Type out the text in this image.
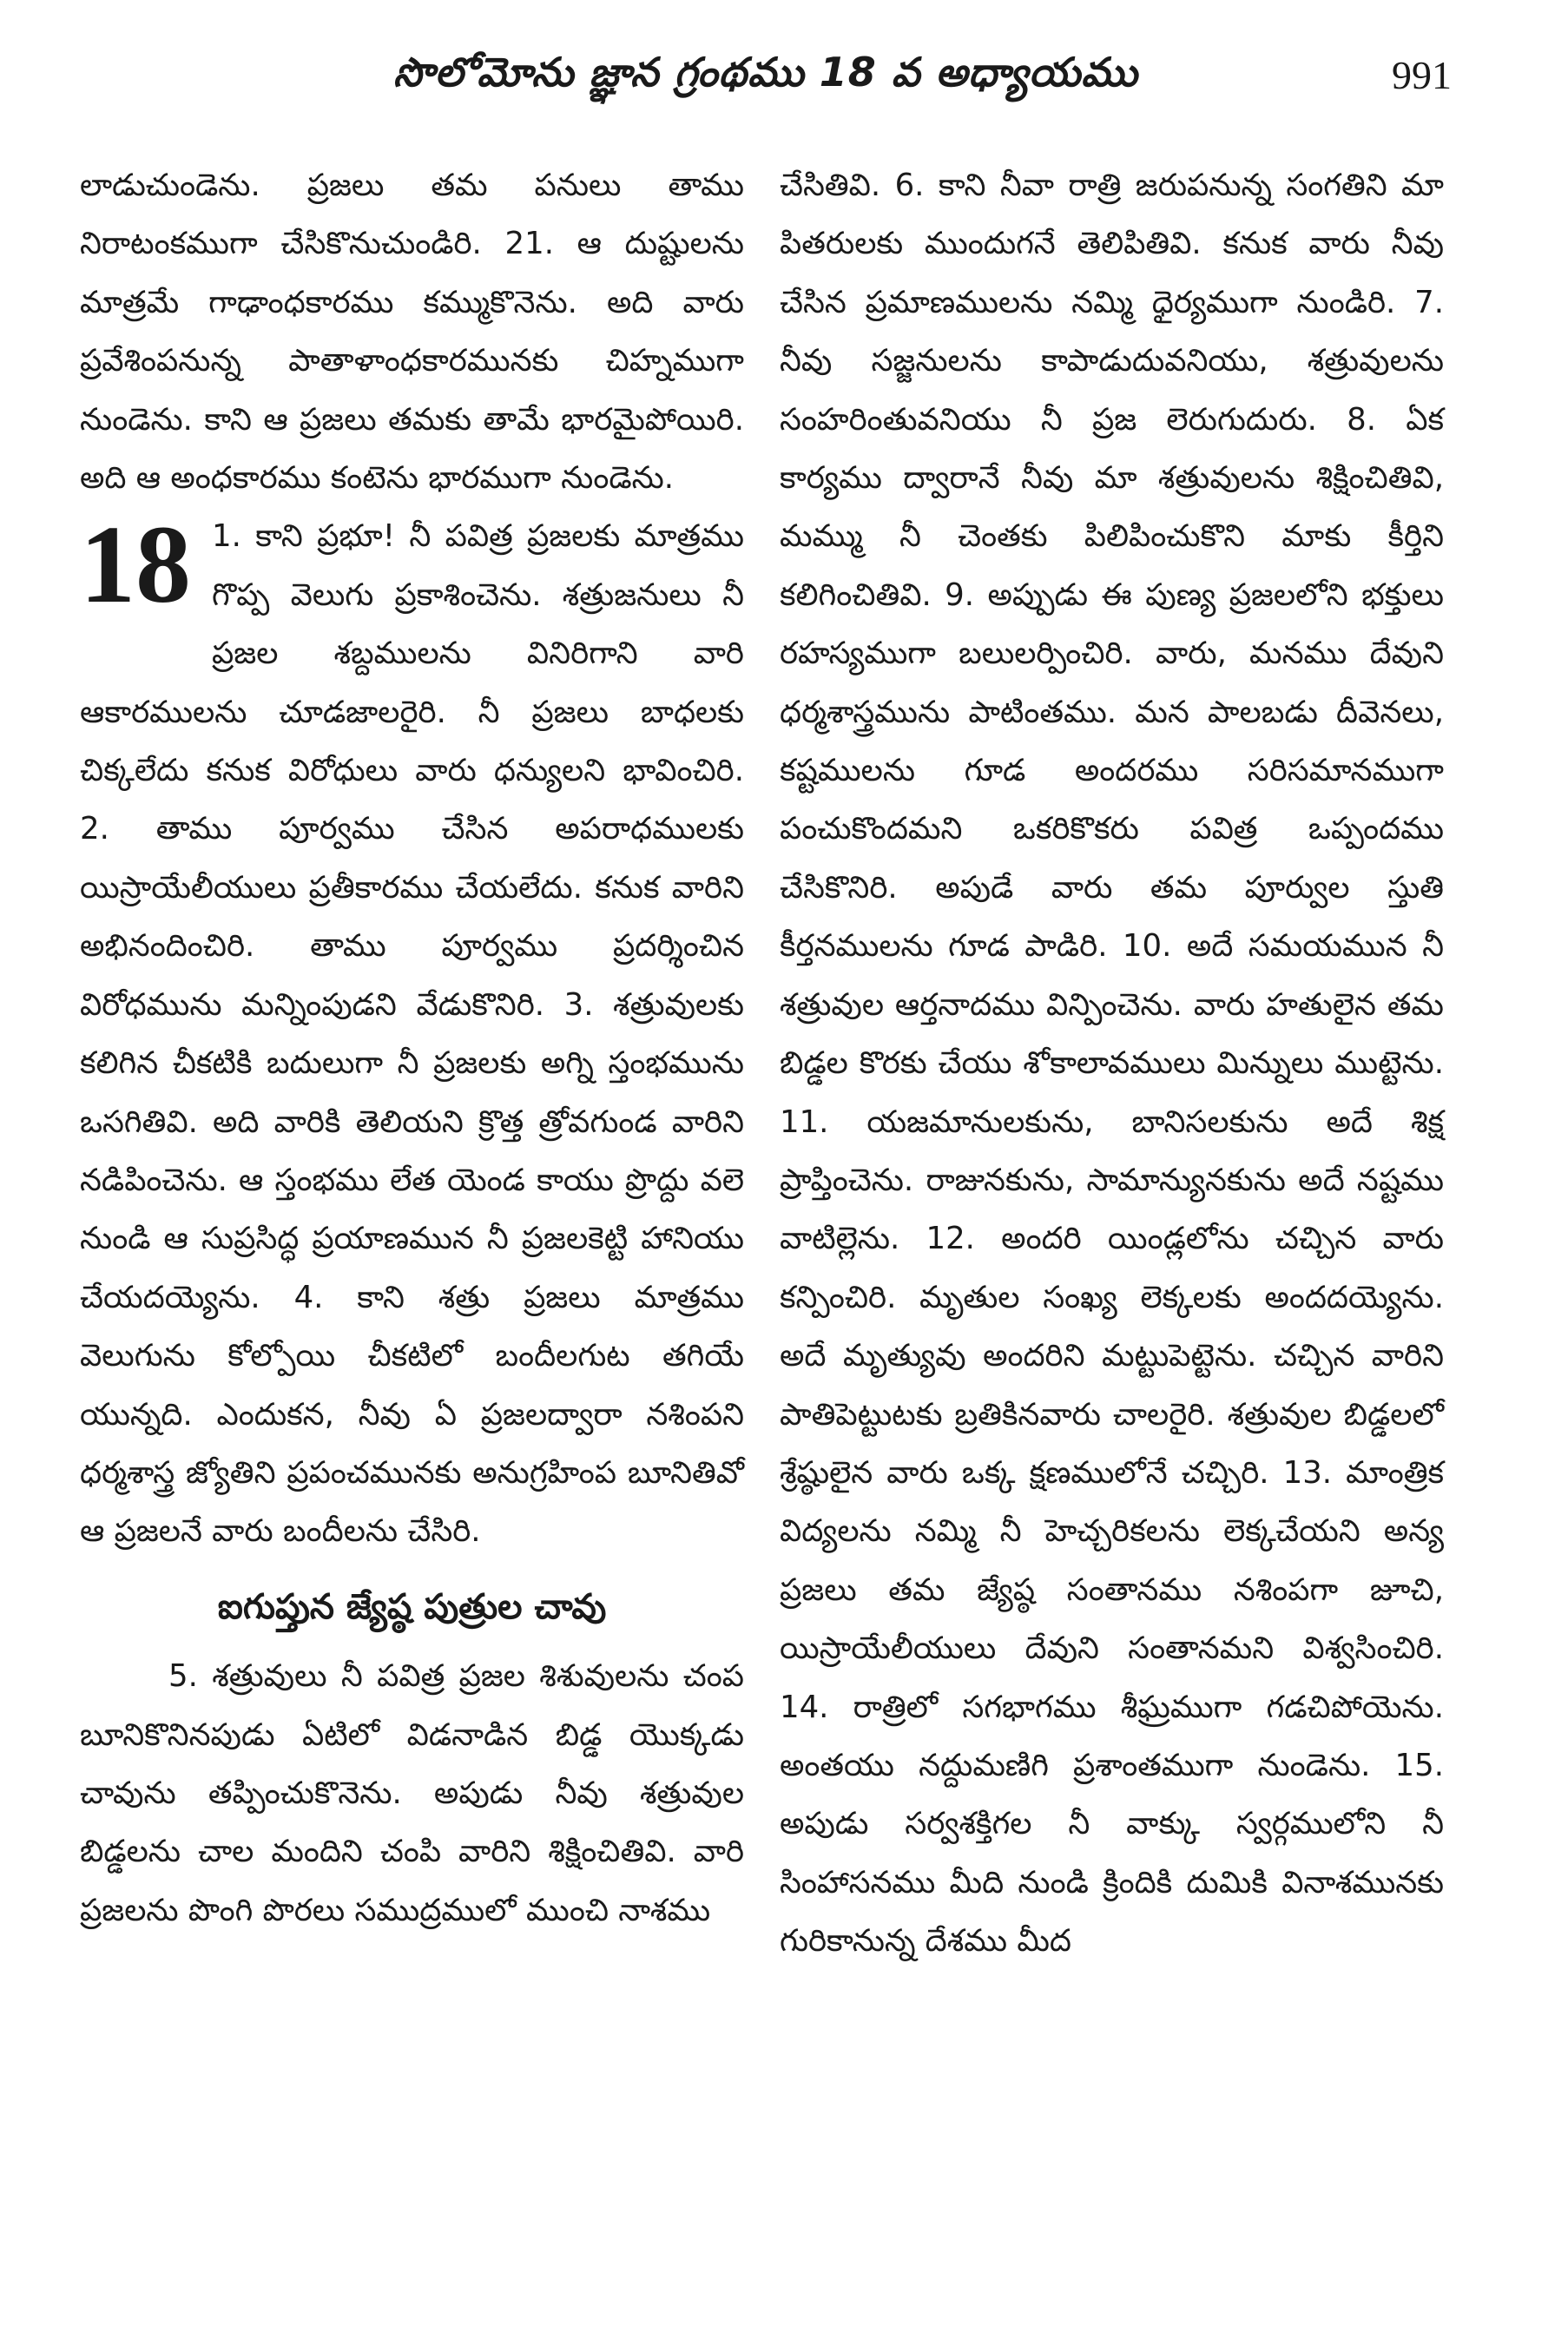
సొలోమోను జ్ఞాన గ్రంథము 18 వ అధ్యాయము	991

లాడుచుండెను. ప్రజలు తమ పనులు తాము నిరాటంకముగా చేసికొనుచుండిరి. 21. ఆ దుష్టులను మాత్రమే గాఢాంధకారము కమ్ముకొనెను. అది వారు ప్రవేశింపనున్న పాతాళాంధకారమునకు చిహ్నముగా నుండెను. కాని ఆ ప్రజలు తమకు తామే భారమైపోయిరి. అది ఆ అంధకారము కంటెను భారముగా నుండెను.

18 1. కాని ప్రభూ! నీ పవిత్ర ప్రజలకు మాత్రము గొప్ప వెలుగు ప్రకాశించెను. శత్రుజనులు నీ ప్రజల శబ్దములను వినిరిగాని వారి ఆకారములను చూడజాలరైరి. నీ ప్రజలు బాధలకు చిక్కలేదు కనుక విరోధులు వారు ధన్యులని భావించిరి. 2. తాము పూర్వము చేసిన అపరాధములకు యిస్రాయేలీయులు ప్రతీకారము చేయలేదు. కనుక వారిని అభినందించిరి. తాము పూర్వము ప్రదర్శించిన విరోధమును మన్నింపుడని వేడుకొనిరి. 3. శత్రువులకు కలిగిన చీకటికి బదులుగా నీ ప్రజలకు అగ్ని స్తంభమును ఒసగితివి. అది వారికి తెలియని క్రొత్త త్రోవగుండ వారిని నడిపించెను. ఆ స్తంభము లేత యెండ కాయు ప్రొద్దు వలె నుండి ఆ సుప్రసిద్ధ ప్రయాణమున నీ ప్రజలకెట్టి హానియు చేయదయ్యెను. 4. కాని శత్రు ప్రజలు మాత్రము వెలుగును కోల్పోయి చీకటిలో బందీలగుట తగియే యున్నది. ఎందుకన, నీవు ఏ ప్రజలద్వారా నశింపని ధర్మశాస్త్ర జ్యోతిని ప్రపంచమునకు అనుగ్రహింప బూనితివో ఆ ప్రజలనే వారు బందీలను చేసిరి.

ఐగుప్తున జ్యేష్ఠ పుత్రుల చావు

5. శత్రువులు నీ పవిత్ర ప్రజల శిశువులను చంప బూనికొనినపుడు ఏటిలో విడనాడిన బిడ్డ యొక్కడు చావును తప్పించుకొనెను. అపుడు నీవు శత్రువుల బిడ్డలను చాల మందిని చంపి వారిని శిక్షించితివి. వారి ప్రజలను పొంగి పొరలు సముద్రములో ముంచి నాశము

చేసితివి. 6. కాని నీవా రాత్రి జరుపనున్న సంగతిని మా పితరులకు ముందుగనే తెలిపితివి. కనుక వారు నీవు చేసిన ప్రమాణములను నమ్మి ధైర్యముగా నుండిరి. 7. నీవు సజ్జనులను కాపాడుదువనియు, శత్రువులను సంహరింతువనియు నీ ప్రజ లెరుగుదురు. 8. ఏక కార్యము ద్వారానే నీవు మా శత్రువులను శిక్షించితివి, మమ్ము నీ చెంతకు పిలిపించుకొని మాకు కీర్తిని కలిగించితివి. 9. అప్పుడు ఈ పుణ్య ప్రజలలోని భక్తులు రహస్యముగా బలులర్పించిరి. వారు, మనము దేవుని ధర్మశాస్త్రమును పాటింతము. మన పాలబడు దీవెనలు, కష్టములను గూడ అందరము సరిసమానముగా పంచుకొందమని ఒకరికొకరు పవిత్ర ఒప్పందము చేసికొనిరి. అపుడే వారు తమ పూర్వుల స్తుతి కీర్తనములను గూడ పాడిరి. 10. అదే సమయమున నీ శత్రువుల ఆర్తనాదము విన్పించెను. వారు హతులైన తమ బిడ్డల కొరకు చేయు శోకాలావములు మిన్నులు ముట్టెను. 11. యజమానులకును, బానిసలకును అదే శిక్ష ప్రాప్తించెను. రాజునకును, సామాన్యునకును అదే నష్టము వాటిల్లెను. 12. అందరి యిండ్లలోను చచ్చిన వారు కన్పించిరి. మృతుల సంఖ్య లెక్కలకు అందదయ్యెను. అదే మృత్యువు అందరిని మట్టుపెట్టెను. చచ్చిన వారిని పాతిపెట్టుటకు బ్రతికినవారు చాలరైరి. శత్రువుల బిడ్డలలో శ్రేష్ఠులైన వారు ఒక్క క్షణములోనే చచ్చిరి. 13. మాంత్రిక విద్యలను నమ్మి నీ హెచ్చరికలను లెక్కచేయని అన్య ప్రజలు తమ జ్యేష్ఠ సంతానము నశింపగా జూచి, యిస్రాయేలీయులు దేవుని సంతానమని విశ్వసించిరి. 14. రాత్రిలో సగభాగము శీఘ్రముగా గడచిపోయెను. అంతయు నద్దుమణిగి ప్రశాంతముగా నుండెను. 15. అపుడు సర్వశక్తిగల నీ వాక్కు స్వర్గములోని నీ సింహాసనము మీది నుండి క్రిందికి దుమికి వినాశమునకు గురికానున్న దేశము మీద
